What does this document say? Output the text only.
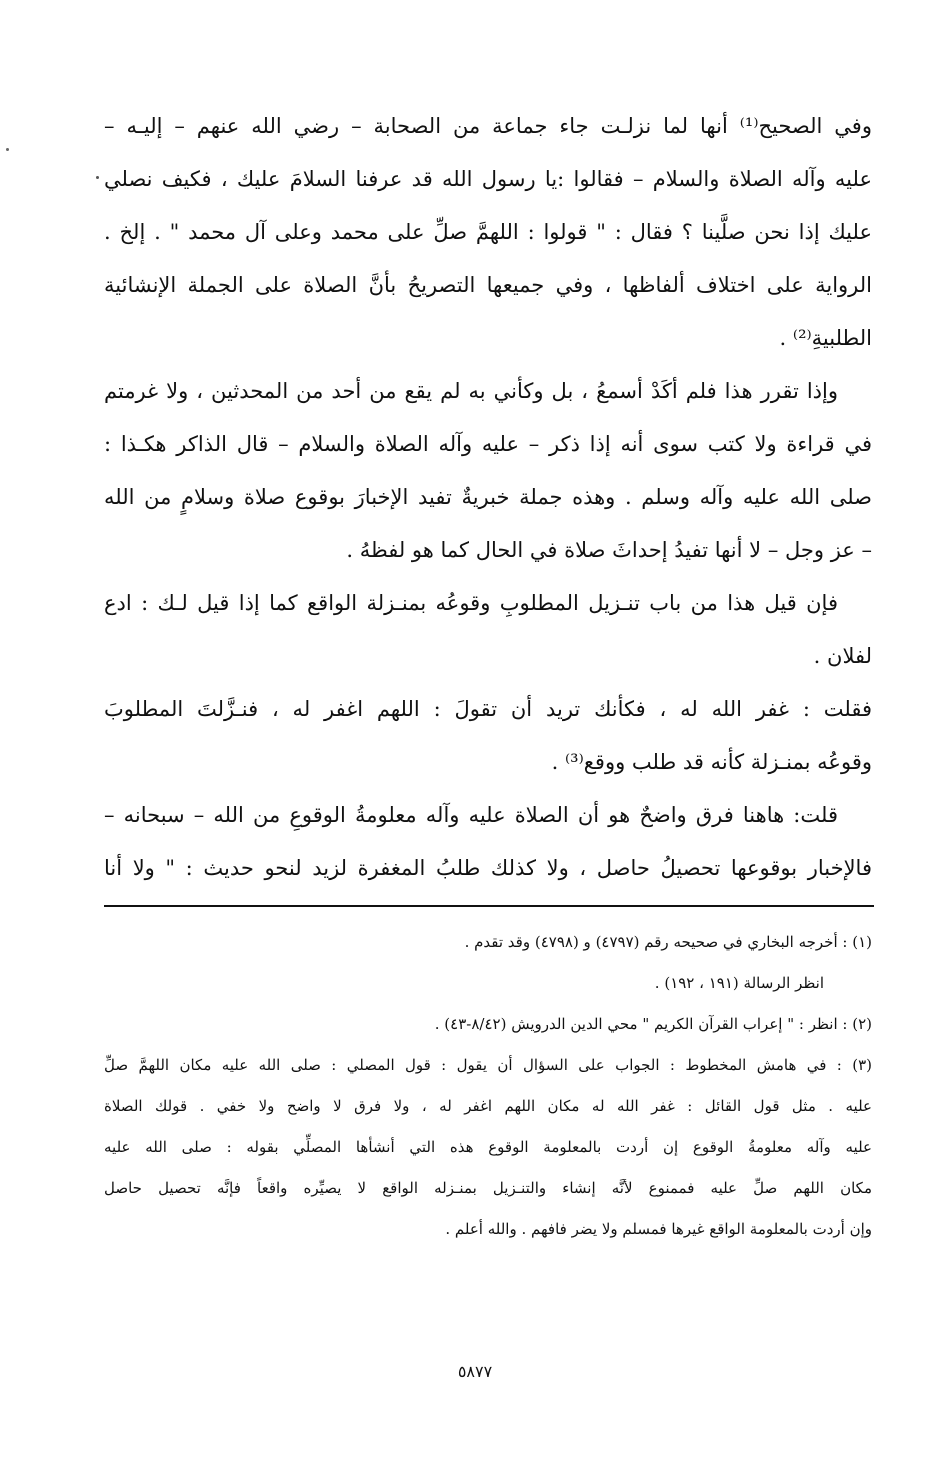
وفي الصحيح⁽¹⁾ أنها لما نزلـت جاء جماعة من الصحابة – رضي الله عنهم – إليـه –
عليه وآله الصلاة والسلام – فقالوا :يا رسول الله قد عرفنا السلامَ عليك ، فكيف نصلي
عليك إذا نحن صلَّينا ؟ فقال : " قولوا : اللهمَّ صلِّ على محمد وعلى آل محمد " . إلخ .
الرواية على اختلاف ألفاظها ، وفي جميعها التصريحُ بأنَّ الصلاة على الجملة الإنشائية
الطلبيةِ⁽²⁾ .
وإذا تقرر هذا فلم أكَدْ أسمعُ ، بل وكأني به لم يقع من أحد من المحدثين ، ولا غرمتم
في قراءة ولا كتب سوى أنه إذا ذكر – عليه وآله الصلاة والسلام – قال الذاكر هكـذا :
صلى الله عليه وآله وسلم . وهذه جملة خبريةٌ تفيد الإخبارَ بوقوع صلاة وسلامٍ من الله
– عز وجل – لا أنها تفيدُ إحداثَ صلاة في الحال كما هو لفظهُ .
فإن قيل هذا من باب تنـزيل المطلوبِ وقوعُه بمنـزلة الواقع كما إذا قيل لـك : ادع
لفلان .
فقلت : غفر الله له ، فكأنك تريد أن تقولَ : اللهم اغفر له ، فنـزَّلتَ المطلوبَ
وقوعُه بمنـزلة كأنه قد طلب ووقع⁽³⁾ .
قلت: هاهنا فرق واضحٌ هو أن الصلاة عليه وآله معلومةُ الوقوعِ من الله – سبحانه –
فالإخبار بوقوعها تحصيلُ حاصل ، ولا كذلك طلبُ المغفرة لزيد لنحو حديث : " ولا أنا
(١) : أخرجه البخاري في صحيحه رقم (٤٧٩٧) و (٤٧٩٨) وقد تقدم .
انظر الرسالة (١٩١ ، ١٩٢) .
(٢) : انظر : " إعراب القرآن الكريم " محي الدين الدرويش (٨/٤٢-٤٣) .
(٣) : في هامش المخطوط : الجواب على السؤال أن يقول : قول المصلي : صلى الله عليه مكان اللهمَّ صلِّ
عليه . مثل قول القائل : غفر الله له مكان اللهم اغفر له ، ولا فرق لا واضح ولا خفي . قولك الصلاة
عليه وآله معلومةُ الوقوع إن أردت بالمعلومة الوقوع هذه التي أنشأها المصلِّي بقوله : صلى الله عليه
مكان اللهم صلِّ عليه فممنوع لأنَّه إنشاء والتنـزيل بمنـزله الواقع لا يصيِّره واقعاً فإنَّه تحصيل حاصل
وإن أردت بالمعلومة الواقع غيرها فمسلم ولا يضر فافهم . والله أعلم .
٥٨٧٧
